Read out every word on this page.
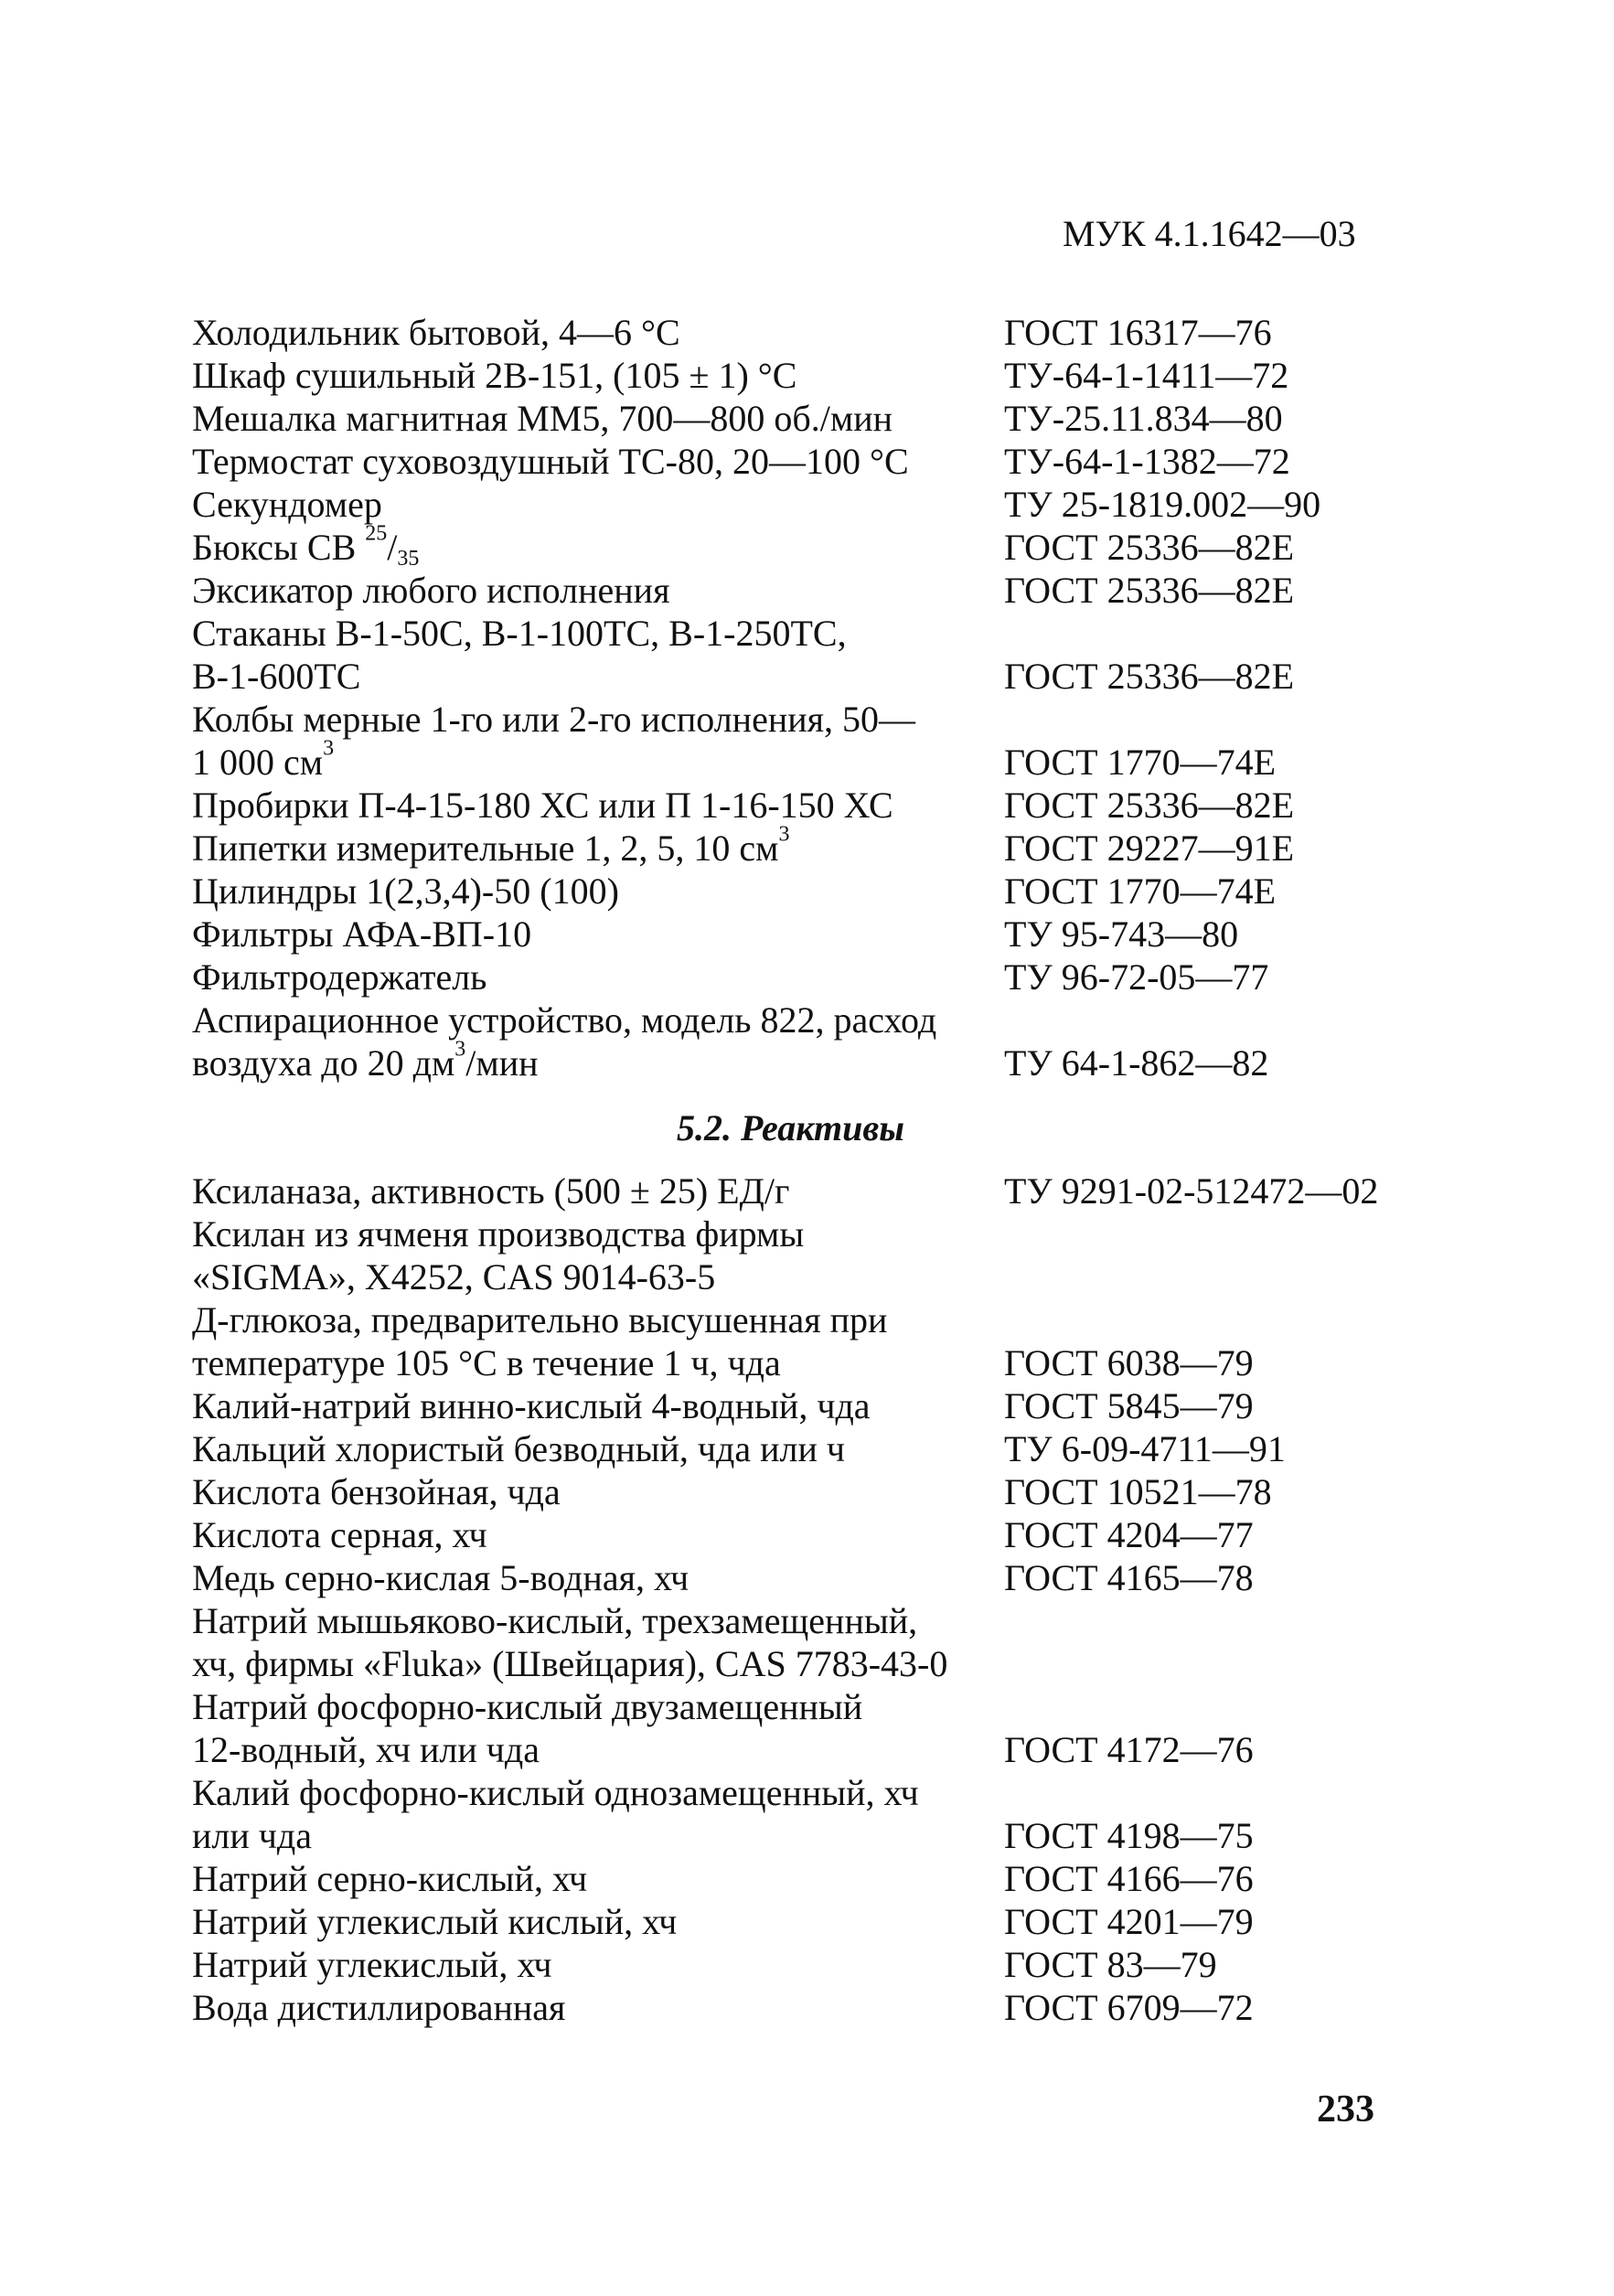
МУК 4.1.1642—03
Холодильник бытовой, 4—6 °С	ГОСТ 16317—76
Шкаф сушильный 2В-151, (105 ± 1) °С	ТУ-64-1-1411—72
Мешалка магнитная ММ5, 700—800 об./мин	ТУ-25.11.834—80
Термостат суховоздушный ТС-80, 20—100 °С	ТУ-64-1-1382—72
Секундомер	ТУ 25-1819.002—90
Бюксы СВ $^{25}/_{35}$	ГОСТ 25336—82Е
Эксикатор любого исполнения	ГОСТ 25336—82Е
Стаканы В-1-50С, В-1-100ТС, В-1-250ТС,
В-1-600ТС	ГОСТ 25336—82Е
Колбы мерные 1-го или 2-го исполнения, 50—
1 000 $см^3$	ГОСТ 1770—74Е
Пробирки П-4-15-180 ХС или П 1-16-150 ХС	ГОСТ 25336—82Е
Пипетки измерительные 1, 2, 5, 10 $см^3$	ГОСТ 29227—91Е
Цилиндры 1(2,3,4)-50 (100)	ГОСТ 1770—74Е
Фильтры АФА-ВП-10	ТУ 95-743—80
Фильтродержатель	ТУ 96-72-05—77
Аспирационное устройство, модель 822, расход
воздуха до 20 $дм^3$/мин	ТУ 64-1-862—82
5.2. Реактивы
Ксиланаза, активность (500 ± 25) ЕД/г	ТУ 9291-02-512472—02
Ксилан из ячменя производства фирмы
«SIGMA», Х4252, CAS 9014-63-5
Д-глюкоза, предварительно высушенная при
температуре 105 °С в течение 1 ч, чда	ГОСТ 6038—79
Калий-натрий винно-кислый 4-водный, чда	ГОСТ 5845—79
Кальций хлористый безводный, чда или ч	ТУ 6-09-4711—91
Кислота бензойная, чда	ГОСТ 10521—78
Кислота серная, хч	ГОСТ 4204—77
Медь серно-кислая 5-водная, хч	ГОСТ 4165—78
Натрий мышьяково-кислый, трехзамещенный,
хч, фирмы «Fluka» (Швейцария), CAS 7783-43-0
Натрий фосфорно-кислый двузамещенный
12-водный, хч или чда	ГОСТ 4172—76
Калий фосфорно-кислый однозамещенный, хч
или чда	ГОСТ 4198—75
Натрий серно-кислый, хч	ГОСТ 4166—76
Натрий углекислый кислый, хч	ГОСТ 4201—79
Натрий углекислый, хч	ГОСТ 83—79
Вода дистиллированная	ГОСТ 6709—72
233
